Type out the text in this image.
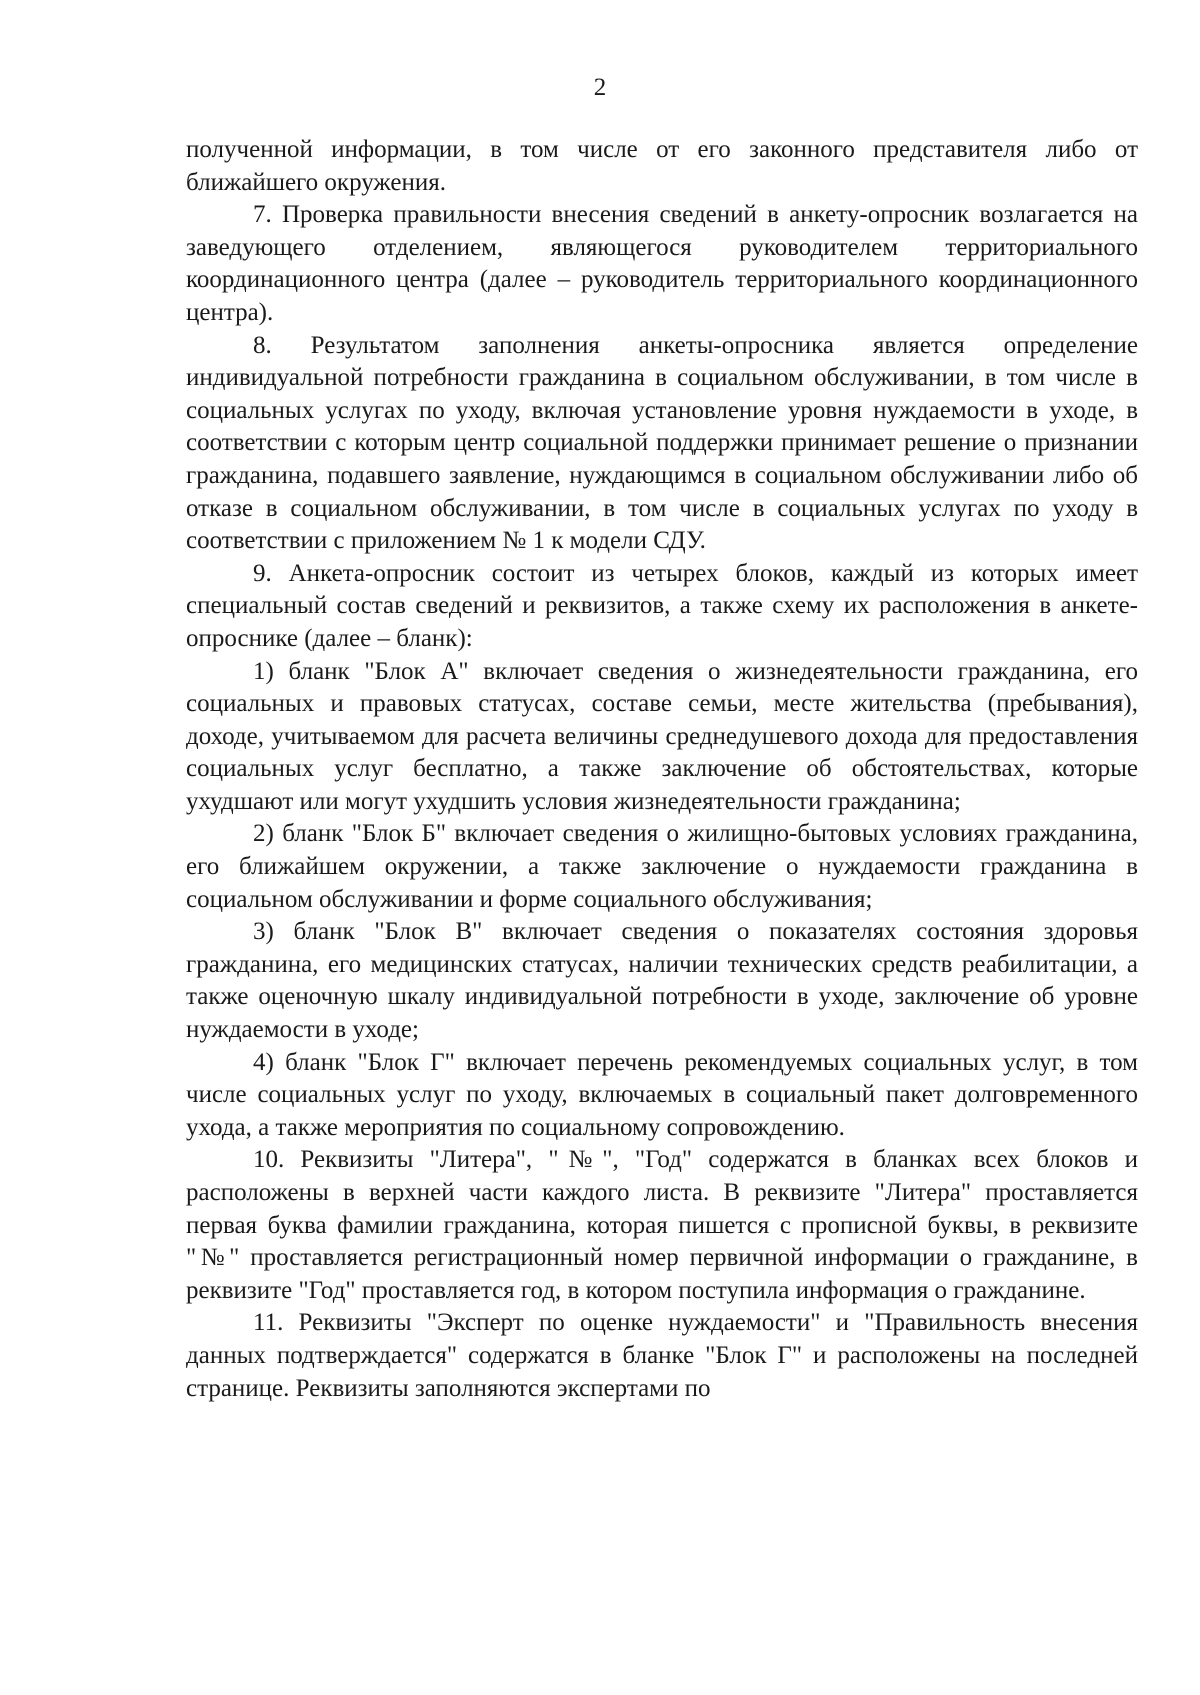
2

полученной информации, в том числе от его законного представителя либо от ближайшего окружения.

7. Проверка правильности внесения сведений в анкету-опросник возлагается на заведующего отделением, являющегося руководителем территориального координационного центра (далее – руководитель территориального координационного центра).

8. Результатом заполнения анкеты-опросника является определение индивидуальной потребности гражданина в социальном обслуживании, в том числе в социальных услугах по уходу, включая установление уровня нуждаемости в уходе, в соответствии с которым центр социальной поддержки принимает решение о признании гражданина, подавшего заявление, нуждающимся в социальном обслуживании либо об отказе в социальном обслуживании, в том числе в социальных услугах по уходу в соответствии с приложением № 1 к модели СДУ.

9. Анкета-опросник состоит из четырех блоков, каждый из которых имеет специальный состав сведений и реквизитов, а также схему их расположения в анкете-опроснике (далее – бланк):

1) бланк "Блок А" включает сведения о жизнедеятельности гражданина, его социальных и правовых статусах, составе семьи, месте жительства (пребывания), доходе, учитываемом для расчета величины среднедушевого дохода для предоставления социальных услуг бесплатно, а также заключение об обстоятельствах, которые ухудшают или могут ухудшить условия жизнедеятельности гражданина;

2) бланк "Блок Б" включает сведения о жилищно-бытовых условиях гражданина, его ближайшем окружении, а также заключение о нуждаемости гражданина в социальном обслуживании и форме социального обслуживания;

3) бланк "Блок В" включает сведения о показателях состояния здоровья гражданина, его медицинских статусах, наличии технических средств реабилитации, а также оценочную шкалу индивидуальной потребности в уходе, заключение об уровне нуждаемости в уходе;

4) бланк "Блок Г" включает перечень рекомендуемых социальных услуг, в том числе социальных услуг по уходу, включаемых в социальный пакет долговременного ухода, а также мероприятия по социальному сопровождению.

10. Реквизиты "Литера", "№", "Год" содержатся в бланках всех блоков и расположены в верхней части каждого листа. В реквизите "Литера" проставляется первая буква фамилии гражданина, которая пишется с прописной буквы, в реквизите "№" проставляется регистрационный номер первичной информации о гражданине, в реквизите "Год" проставляется год, в котором поступила информация о гражданине.

11. Реквизиты "Эксперт по оценке нуждаемости" и "Правильность внесения данных подтверждается" содержатся в бланке "Блок Г" и расположены на последней странице. Реквизиты заполняются экспертами по
